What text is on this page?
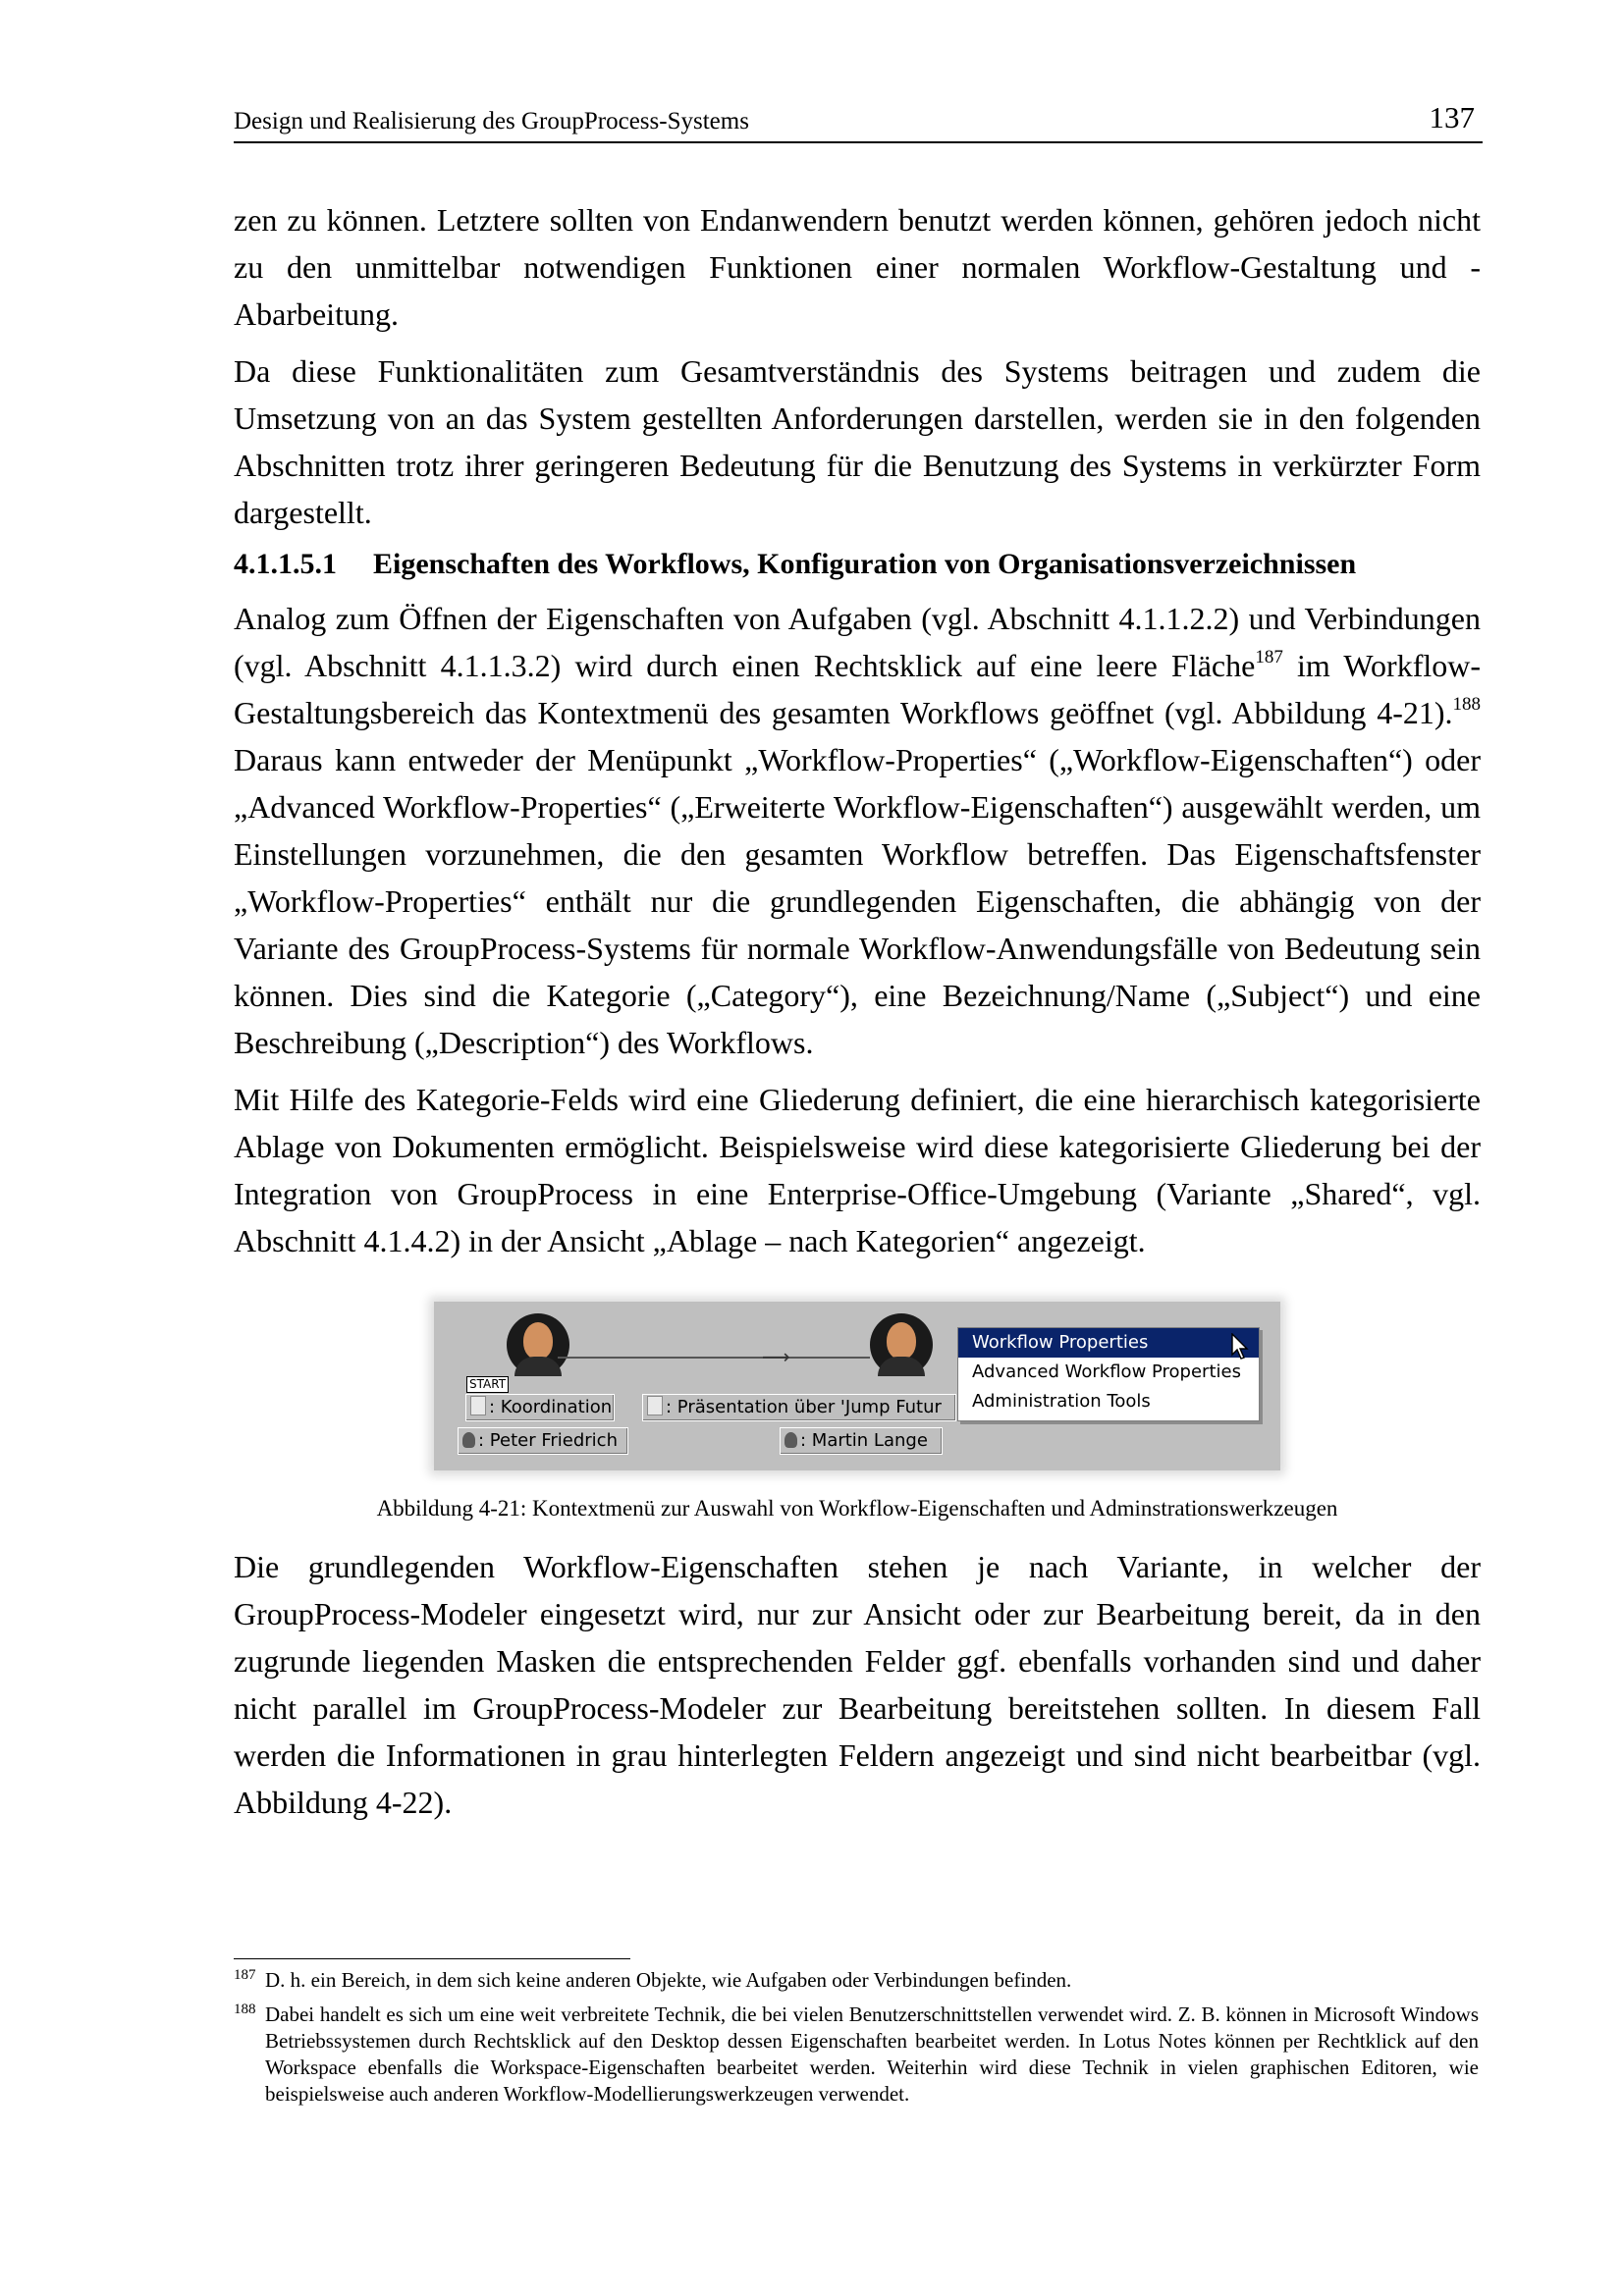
Design und Realisierung des GroupProcess-Systems	137

zen zu können. Letztere sollten von Endanwendern benutzt werden können, gehören jedoch nicht zu den unmittelbar notwendigen Funktionen einer normalen Workflow-Gestaltung und -Abarbeitung.

Da diese Funktionalitäten zum Gesamtverständnis des Systems beitragen und zudem die Umsetzung von an das System gestellten Anforderungen darstellen, werden sie in den folgenden Abschnitten trotz ihrer geringeren Bedeutung für die Benutzung des Systems in verkürzter Form dargestellt.

4.1.1.5.1 Eigenschaften des Workflows, Konfiguration von Organisationsverzeichnissen

Analog zum Öffnen der Eigenschaften von Aufgaben (vgl. Abschnitt 4.1.1.2.2) und Verbindungen (vgl. Abschnitt 4.1.1.3.2) wird durch einen Rechtsklick auf eine leere Fläche$^{187}$ im Workflow-Gestaltungsbereich das Kontextmenü des gesamten Workflows geöffnet (vgl. Abbildung 4-21).$^{188}$ Daraus kann entweder der Menüpunkt „Workflow-Properties“ („Workflow-Eigenschaften“) oder „Advanced Workflow-Properties“ („Erweiterte Workflow-Eigenschaften“) ausgewählt werden, um Einstellungen vorzunehmen, die den gesamten Workflow betreffen. Das Eigenschaftsfenster „Workflow-Properties“ enthält nur die grundlegenden Eigenschaften, die abhängig von der Variante des GroupProcess-Systems für normale Workflow-Anwendungsfälle von Bedeutung sein können. Dies sind die Kategorie („Category“), eine Bezeichnung/Name („Subject“) und eine Beschreibung („Description“) des Workflows.

Mit Hilfe des Kategorie-Felds wird eine Gliederung definiert, die eine hierarchisch kategorisierte Ablage von Dokumenten ermöglicht. Beispielsweise wird diese kategorisierte Gliederung bei der Integration von GroupProcess in eine Enterprise-Office-Umgebung (Variante „Shared“, vgl. Abschnitt 4.1.4.2) in der Ansicht „Ablage – nach Kategorien“ angezeigt.

⟶
START
: Koordination	: Präsentation über 'Jump Futur
: Peter Friedrich	: Martin Lange
Workflow Properties
Advanced Workflow Properties
Administration Tools
Abbildung 4-21: Kontextmenü zur Auswahl von Workflow-Eigenschaften und Adminstrationswerkzeugen

Die grundlegenden Workflow-Eigenschaften stehen je nach Variante, in welcher der GroupProcess-Modeler eingesetzt wird, nur zur Ansicht oder zur Bearbeitung bereit, da in den zugrunde liegenden Masken die entsprechenden Felder ggf. ebenfalls vorhanden sind und daher nicht parallel im GroupProcess-Modeler zur Bearbeitung bereitstehen sollten. In diesem Fall werden die Informationen in grau hinterlegten Feldern angezeigt und sind nicht bearbeitbar (vgl. Abbildung 4-22).

187 D. h. ein Bereich, in dem sich keine anderen Objekte, wie Aufgaben oder Verbindungen befinden.
188 Dabei handelt es sich um eine weit verbreitete Technik, die bei vielen Benutzerschnittstellen verwendet wird. Z. B. können in Microsoft Windows Betriebssystemen durch Rechtsklick auf den Desktop dessen Eigenschaften bearbeitet werden. In Lotus Notes können per Rechtklick auf den Workspace ebenfalls die Workspace-Eigenschaften bearbeitet werden. Weiterhin wird diese Technik in vielen graphischen Editoren, wie beispielsweise auch anderen Workflow-Modellierungswerkzeugen verwendet.
